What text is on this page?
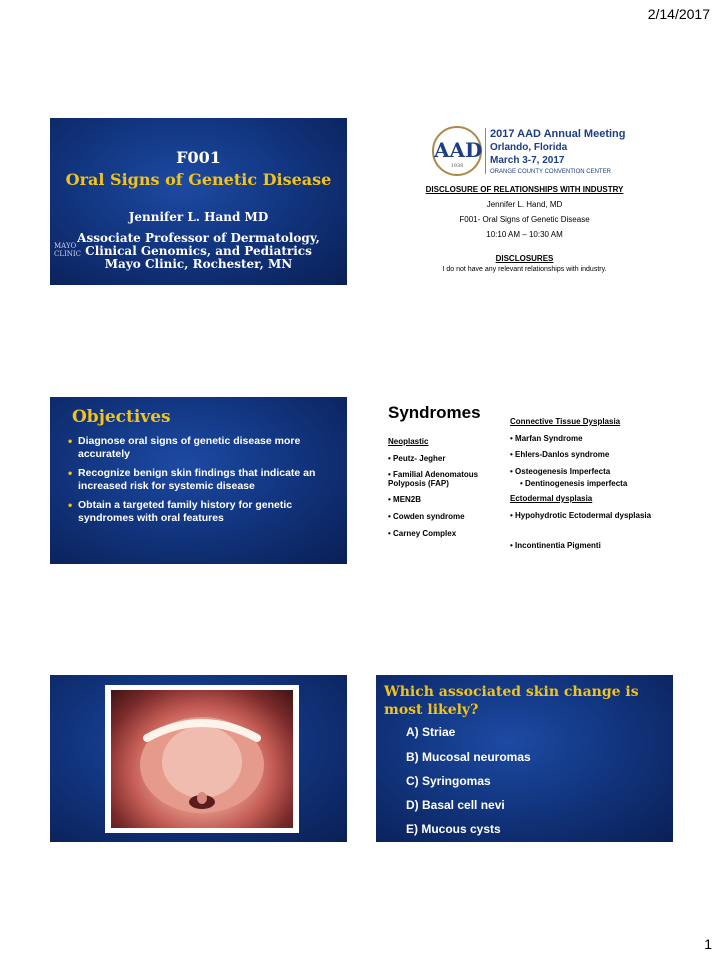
2/14/2017
F001
Oral Signs of Genetic Disease
Jennifer L. Hand MD
Associate Professor of Dermatology,
Clinical Genomics, and Pediatrics
Mayo Clinic, Rochester, MN
MAYO CLINIC
AAD
1938
2017 AAD Annual Meeting
Orlando, Florida
March 3-7, 2017
ORANGE COUNTY CONVENTION CENTER
DISCLOSURE OF RELATIONSHIPS WITH INDUSTRY
Jennifer L. Hand, MD
F001- Oral Signs of Genetic Disease
10:10 AM – 10:30 AM
DISCLOSURES
I do not have any relevant relationships with industry.
Objectives
• Diagnose oral signs of genetic disease more accurately
• Recognize benign skin findings that indicate an increased risk for systemic disease
• Obtain a targeted family history for genetic syndromes with oral features
Syndromes	Connective Tissue Dysplasia
Neoplastic
• Peutz- Jegher
• Familial Adenomatous Polyposis (FAP)
• MEN2B
• Cowden syndrome
• Carney Complex
• Marfan Syndrome
• Ehlers-Danlos syndrome
• Osteogenesis Imperfecta
• Dentinogenesis imperfecta
Ectodermal dysplasia
• Hypohydrotic Ectodermal dysplasia
• Incontinentia Pigmenti
Which associated skin change is most likely?
A) Striae
B) Mucosal neuromas
C) Syringomas
D) Basal cell nevi
E) Mucous cysts
1
